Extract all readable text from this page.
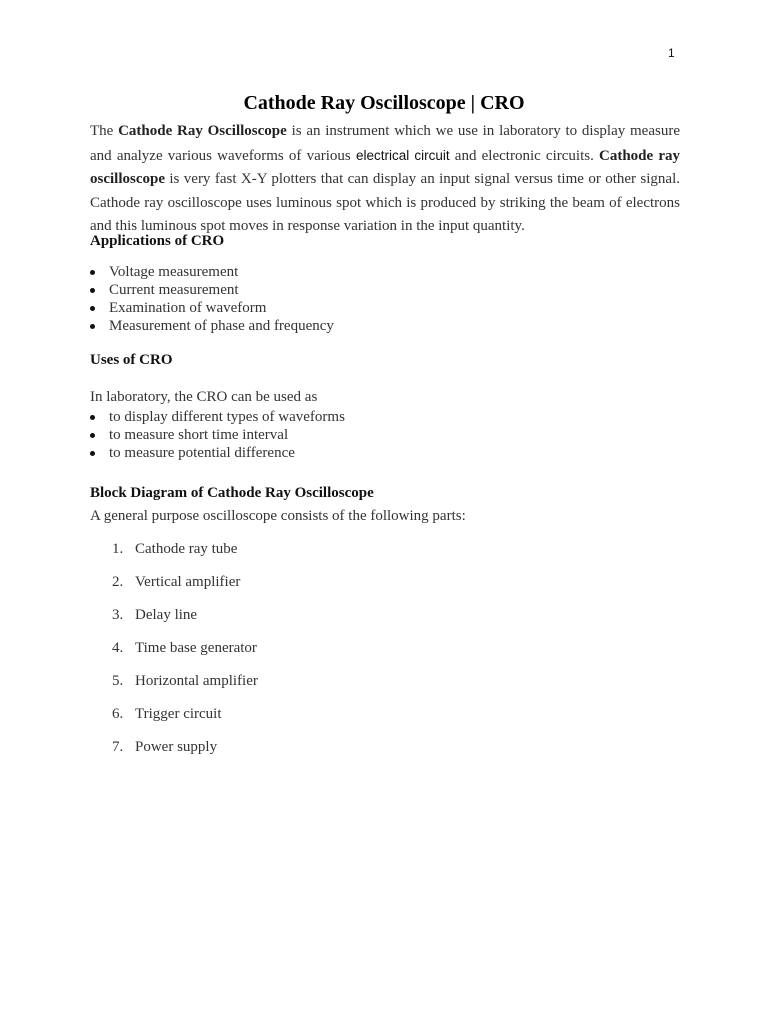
1
Cathode Ray Oscilloscope | CRO

The Cathode Ray Oscilloscope is an instrument which we use in laboratory to display measure and analyze various waveforms of various electrical circuit and electronic circuits. Cathode ray oscilloscope is very fast X-Y plotters that can display an input signal versus time or other signal. Cathode ray oscilloscope uses luminous spot which is produced by striking the beam of electrons and this luminous spot moves in response variation in the input quantity.

Applications of CRO
Voltage measurement
Current measurement
Examination of waveform
Measurement of phase and frequency
Uses of CRO
In laboratory, the CRO can be used as
to display different types of waveforms
to measure short time interval
to measure potential difference
Block Diagram of Cathode Ray Oscilloscope
A general purpose oscilloscope consists of the following parts:
1. Cathode ray tube
2. Vertical amplifier
3. Delay line
4. Time base generator
5. Horizontal amplifier
6. Trigger circuit
7. Power supply
